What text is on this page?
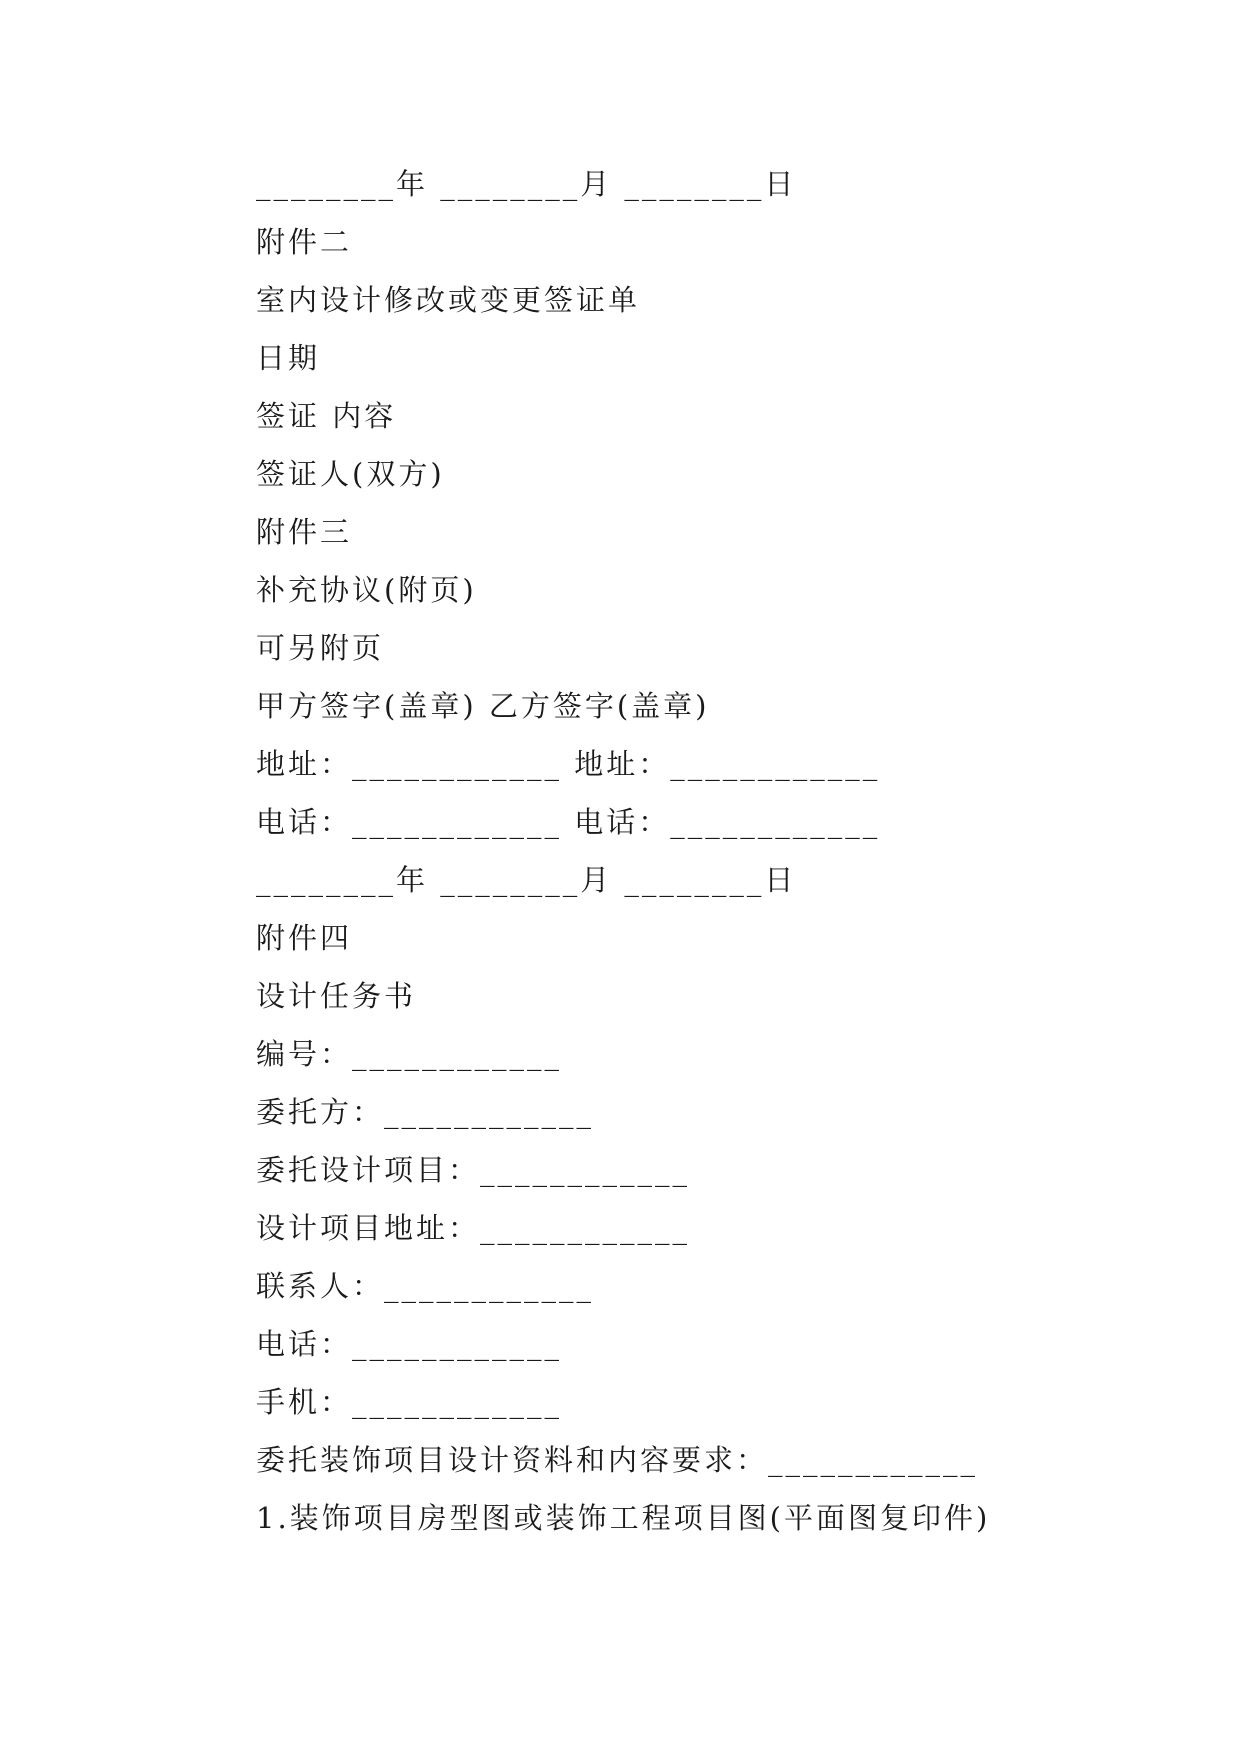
________年 ________月 ________日
附件二
室内设计修改或变更签证单
日期
签证 内容
签证人(双方)
附件三
补充协议(附页)
可另附页
甲方签字(盖章) 乙方签字(盖章)
地址：____________ 地址：____________
电话：____________ 电话：____________
________年 ________月 ________日
附件四
设计任务书
编号：____________
委托方：____________
委托设计项目：____________
设计项目地址：____________
联系人：____________
电话：____________
手机：____________
委托装饰项目设计资料和内容要求：____________
1.装饰项目房型图或装饰工程项目图(平面图复印件)
